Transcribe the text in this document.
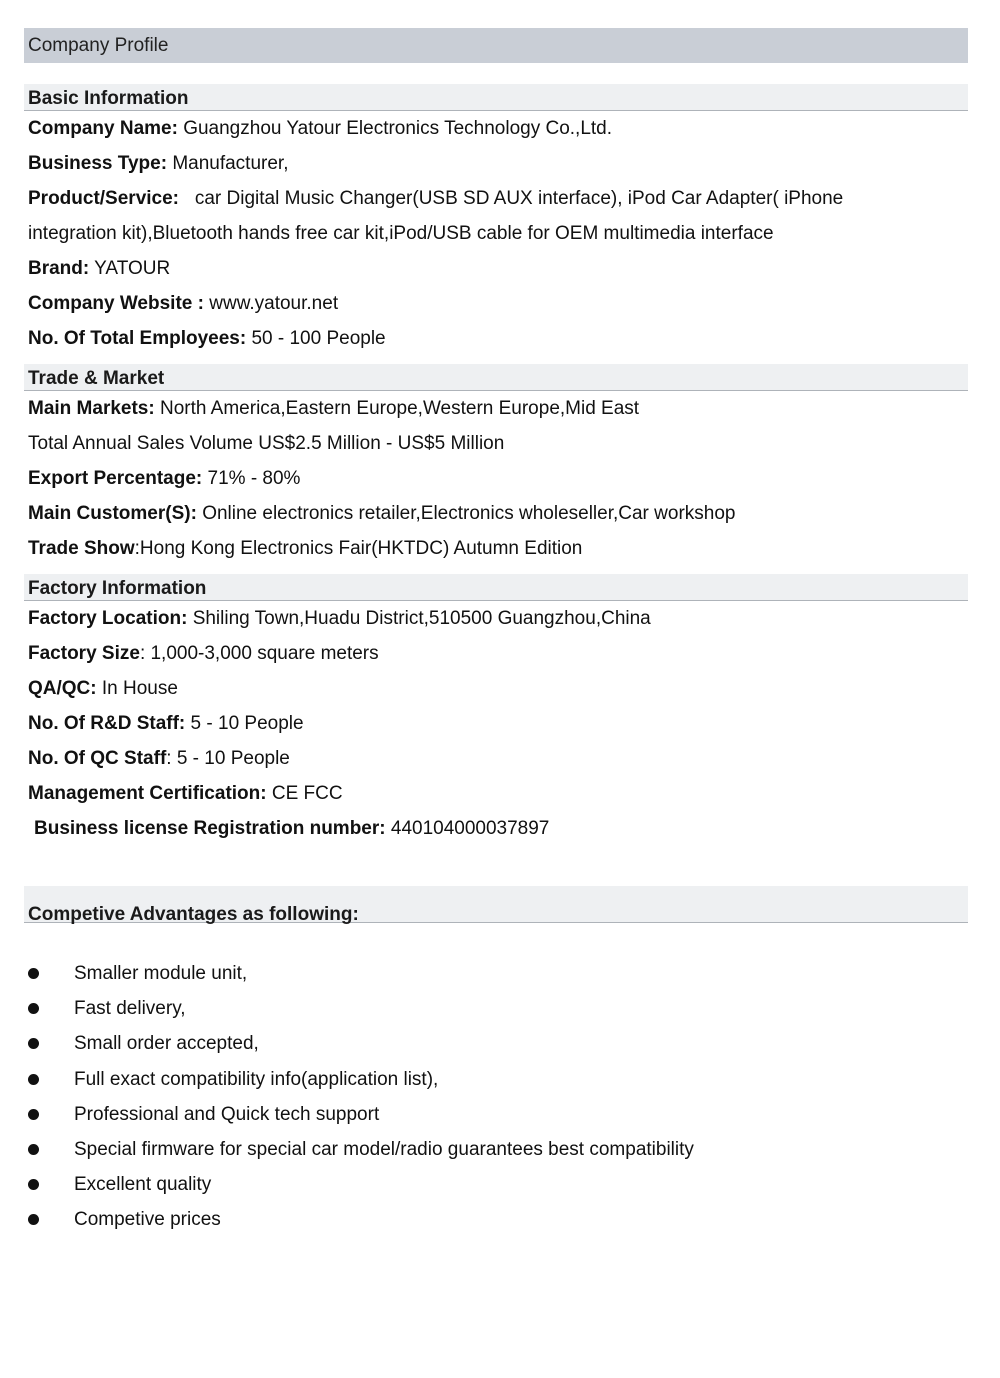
Company Profile
Basic Information
Company Name: Guangzhou Yatour Electronics Technology Co.,Ltd.
Business Type: Manufacturer,
Product/Service: car Digital Music Changer(USB SD AUX interface), iPod Car Adapter( iPhone
integration kit),Bluetooth hands free car kit,iPod/USB cable for OEM multimedia interface
Brand: YATOUR
Company Website : www.yatour.net
No. Of Total Employees: 50 - 100 People
Trade & Market
Main Markets: North America,Eastern Europe,Western Europe,Mid East
Total Annual Sales Volume US$2.5 Million - US$5 Million
Export Percentage: 71% - 80%
Main Customer(S): Online electronics retailer,Electronics wholeseller,Car workshop
Trade Show:Hong Kong Electronics Fair(HKTDC) Autumn Edition
Factory Information
Factory Location: Shiling Town,Huadu District,510500 Guangzhou,China
Factory Size: 1,000-3,000 square meters
QA/QC: In House
No. Of R&D Staff: 5 - 10 People
No. Of QC Staff: 5 - 10 People
Management Certification: CE FCC
Business license Registration number: 440104000037897
Competive Advantages as following:
Smaller module unit,
Fast delivery,
Small order accepted,
Full exact compatibility info(application list),
Professional and Quick tech support
Special firmware for special car model/radio guarantees best compatibility
Excellent quality
Competive prices
